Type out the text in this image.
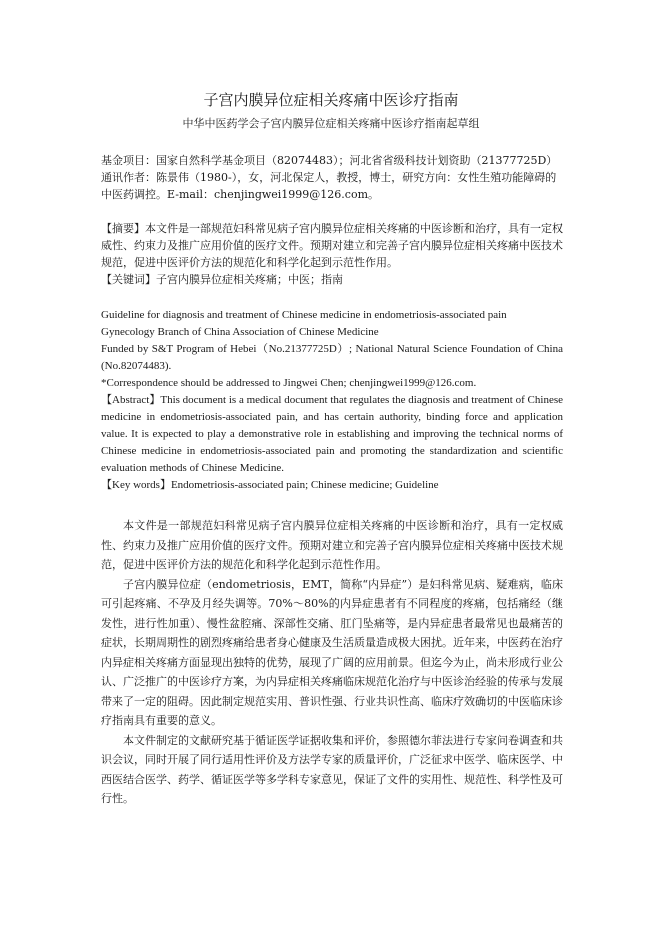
子宫内膜异位症相关疼痛中医诊疗指南
中华中医药学会子宫内膜异位症相关疼痛中医诊疗指南起草组

基金项目：国家自然科学基金项目（82074483）；河北省省级科技计划资助（21377725D）

通讯作者：陈景伟（1980-），女，河北保定人，教授，博士，研究方向：女性生殖功能障碍的中医药调控。E-mail：chenjingwei1999@126.com。

【摘要】本文件是一部规范妇科常见病子宫内膜异位症相关疼痛的中医诊断和治疗，具有一定权威性、约束力及推广应用价值的医疗文件。预期对建立和完善子宫内膜异位症相关疼痛中医技术规范，促进中医评价方法的规范化和科学化起到示范性作用。

【关键词】子宫内膜异位症相关疼痛；中医；指南

Guideline for diagnosis and treatment of Chinese medicine in endometriosis-associated pain

Gynecology Branch of China Association of Chinese Medicine

Funded by S&T Program of Hebei（No.21377725D）; National Natural Science Foundation of China (No.82074483).

*Correspondence should be addressed to Jingwei Chen; chenjingwei1999@126.com.

【Abstract】This document is a medical document that regulates the diagnosis and treatment of Chinese medicine in endometriosis-associated pain, and has certain authority, binding force and application value. It is expected to play a demonstrative role in establishing and improving the technical norms of Chinese medicine in endometriosis-associated pain and promoting the standardization and scientific evaluation methods of Chinese Medicine.

【Key words】Endometriosis-associated pain; Chinese medicine; Guideline

本文件是一部规范妇科常见病子宫内膜异位症相关疼痛的中医诊断和治疗，具有一定权威性、约束力及推广应用价值的医疗文件。预期对建立和完善子宫内膜异位症相关疼痛中医技术规范，促进中医评价方法的规范化和科学化起到示范性作用。

子宫内膜异位症（endometriosis，EMT，简称“内异症”）是妇科常见病、疑难病，临床可引起疼痛、不孕及月经失调等。70%～80%的内异症患者有不同程度的疼痛，包括痛经（继发性，进行性加重）、慢性盆腔痛、深部性交痛、肛门坠痛等，是内异症患者最常见也最痛苦的症状，长期周期性的剧烈疼痛给患者身心健康及生活质量造成极大困扰。近年来，中医药在治疗内异症相关疼痛方面显现出独特的优势，展现了广阔的应用前景。但迄今为止，尚未形成行业公认、广泛推广的中医诊疗方案，为内异症相关疼痛临床规范化治疗与中医诊治经验的传承与发展带来了一定的阻碍。因此制定规范实用、普识性强、行业共识性高、临床疗效确切的中医临床诊疗指南具有重要的意义。

本文件制定的文献研究基于循证医学证据收集和评价，参照德尔菲法进行专家问卷调查和共识会议，同时开展了同行适用性评价及方法学专家的质量评价，广泛征求中医学、临床医学、中西医结合医学、药学、循证医学等多学科专家意见，保证了文件的实用性、规范性、科学性及可行性。
